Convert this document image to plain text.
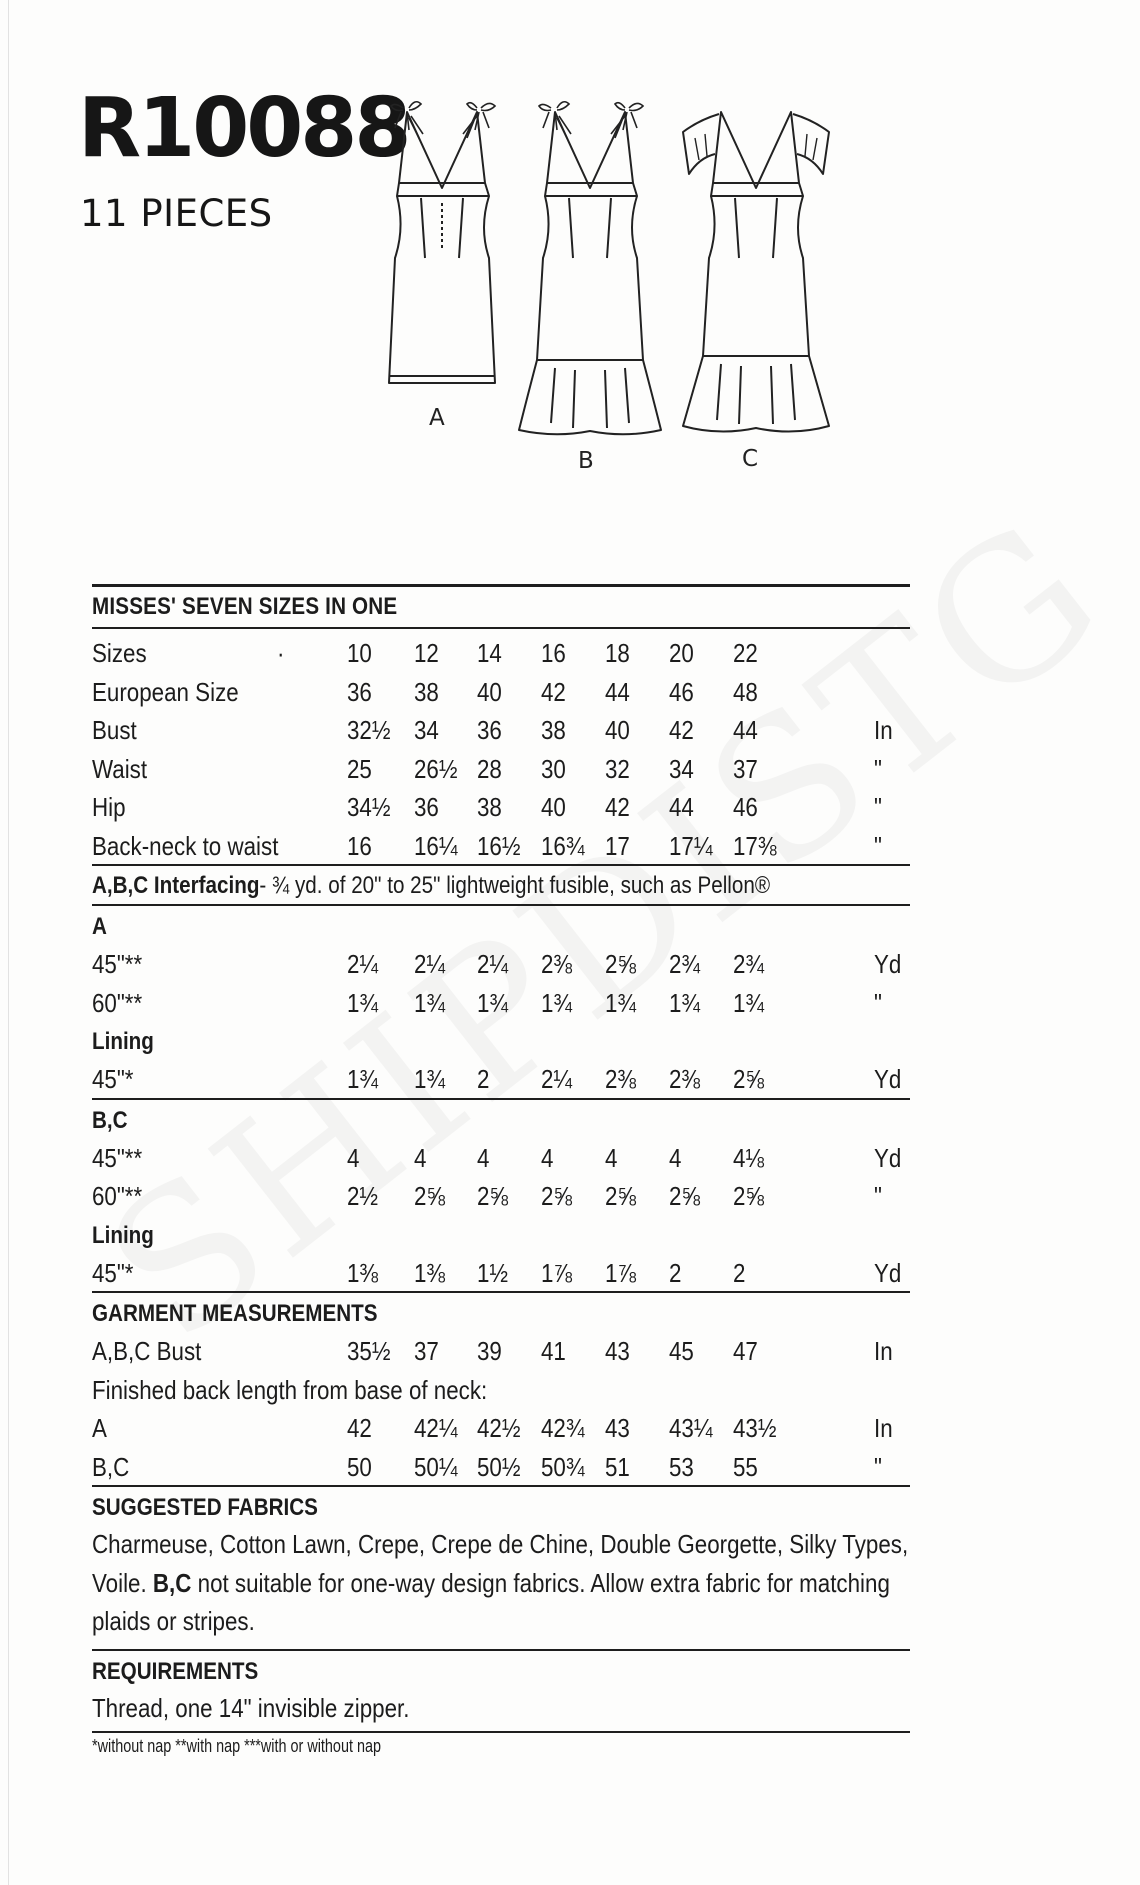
R10088
11 PIECES
A
B	C
MISSES' SEVEN SIZES IN ONE
Sizes	· 10 12 14 16 18 20 22
European Size	36 38 40 42 44 46 48
Bust	32½ 34 36 38 40 42 44	In
Waist	25 26½ 28 30 32 34 37	"
Hip	34½ 36 38 40 42 44 46	"
Back-neck to waist	16 16¼ 16½ 16¾ 17 17¼ 17⅜	"
A,B,C Interfacing- ¾ yd. of 20" to 25" lightweight fusible, such as Pellon®
A
45"**	2¼ 2¼ 2¼ 2⅜ 2⅝ 2¾ 2¾	Yd
60"**	1¾ 1¾ 1¾ 1¾ 1¾ 1¾ 1¾	"
Lining
45"*	1¾ 1¾ 2 2¼ 2⅜ 2⅜ 2⅝	Yd
B,C
45"**	4 4 4 4 4 4 4⅛	Yd
60"**	2½ 2⅝ 2⅝ 2⅝ 2⅝ 2⅝ 2⅝	"
Lining
45"*	1⅜ 1⅜ 1½ 1⅞ 1⅞ 2 2	Yd
GARMENT MEASUREMENTS
A,B,C Bust	35½ 37 39 41 43 45 47	In
Finished back length from base of neck:
A	42 42¼ 42½ 42¾ 43 43¼ 43½	In
B,C	50 50¼ 50½ 50¾ 51 53 55	"
SUGGESTED FABRICS
Charmeuse, Cotton Lawn, Crepe, Crepe de Chine, Double Georgette, Silky Types, Voile. B,C not suitable for one-way design fabrics. Allow extra fabric for matching plaids or stripes.
REQUIREMENTS
Thread, one 14" invisible zipper.
*without nap **with nap ***with or without nap
